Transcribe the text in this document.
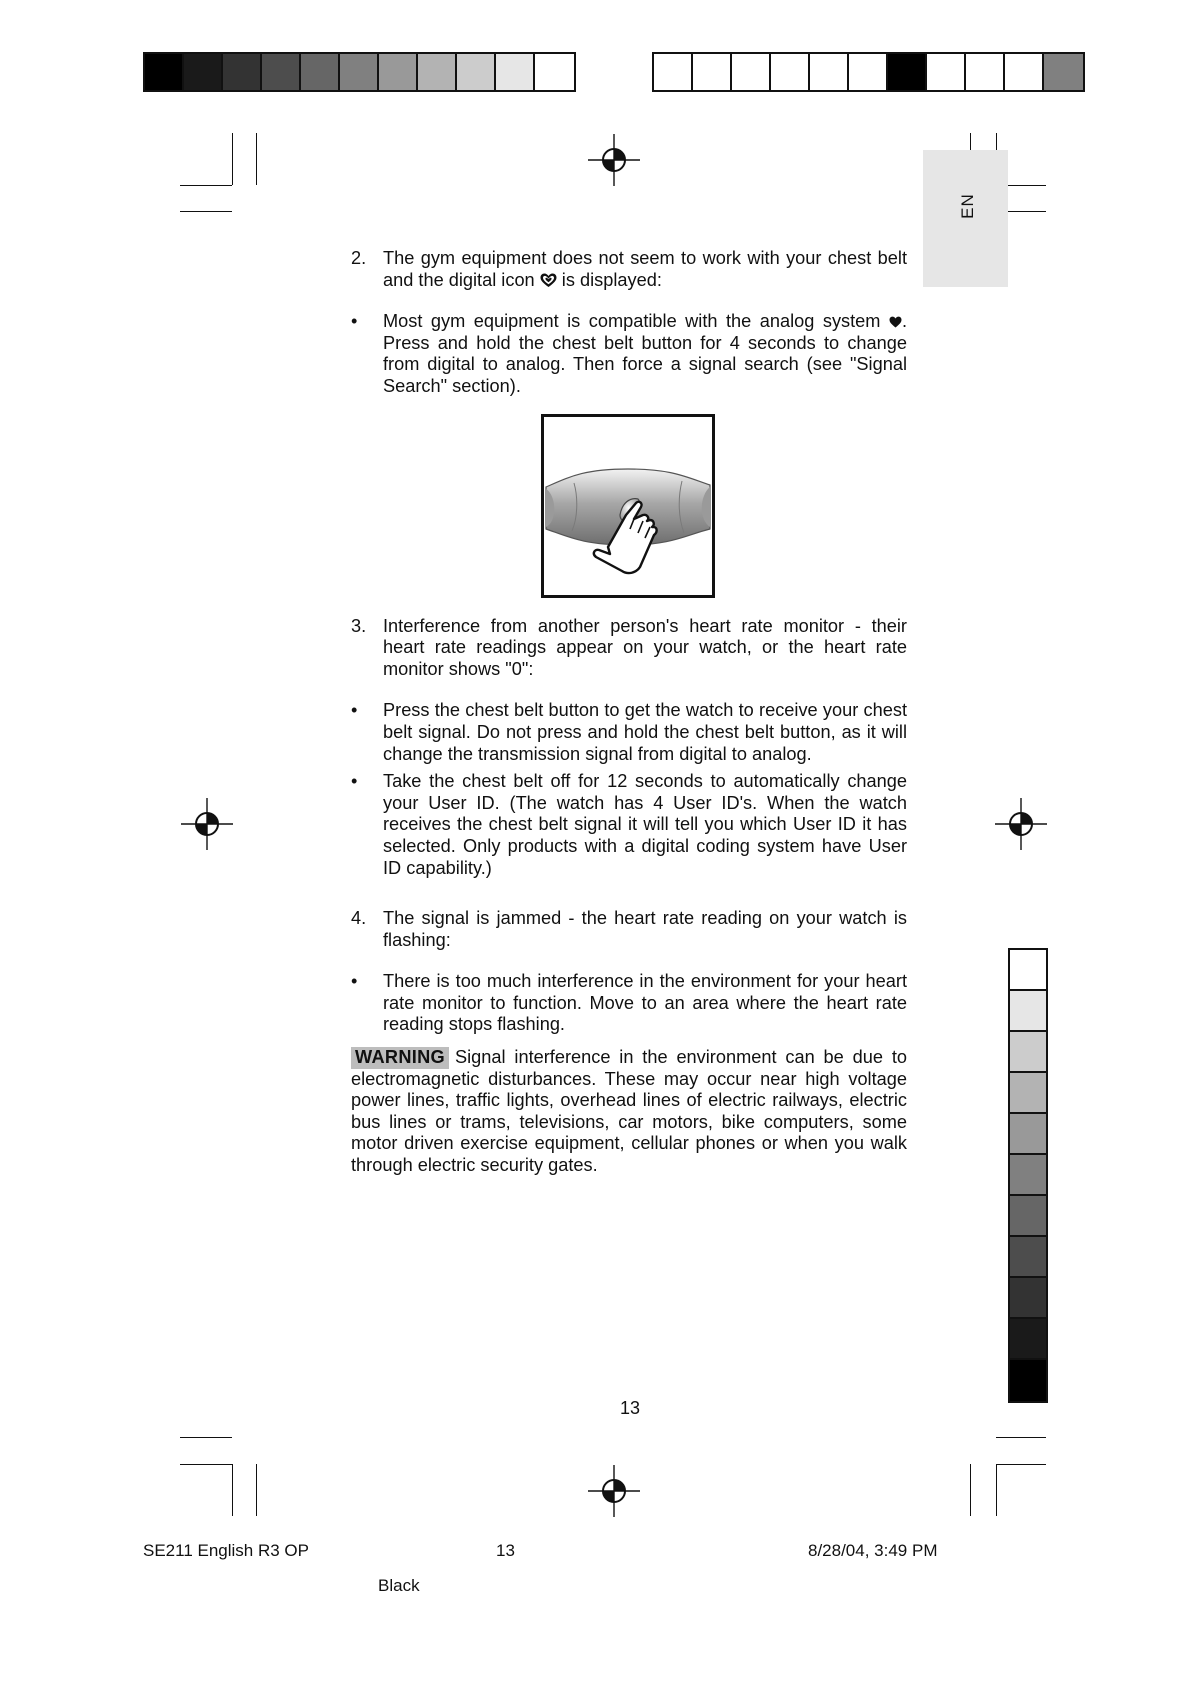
EN
2. The gym equipment does not seem to work with your chest belt and the digital icon  is displayed:
• Most gym equipment is compatible with the analog system . Press and hold the chest belt button for 4 seconds to change from digital to analog. Then force a signal search (see "Signal Search" section).
3. Interference from another person's heart rate monitor - their heart rate readings appear on your watch, or the heart rate monitor shows "0":
• Press the chest belt button to get the watch to receive your chest belt signal. Do not press and hold the chest belt button, as it will change the transmission signal from digital to analog.
• Take the chest belt off for 12 seconds to automatically change your User ID. (The watch has 4 User ID's. When the watch receives the chest belt signal it will tell you which User ID it has selected. Only products with a digital coding system have User ID capability.)
4. The signal is jammed - the heart rate reading on your watch is flashing:
• There is too much interference in the environment for your heart rate monitor to function. Move to an area where the heart rate reading stops flashing.
WARNING Signal interference in the environment can be due to electromagnetic disturbances. These may occur near high voltage power lines, traffic lights, overhead lines of electric railways, electric bus lines or trams, televisions, car motors, bike computers, some motor driven exercise equipment, cellular phones or when you walk through electric security gates.
13
SE211 English R3 OP	13	8/28/04, 3:49 PM
Black
